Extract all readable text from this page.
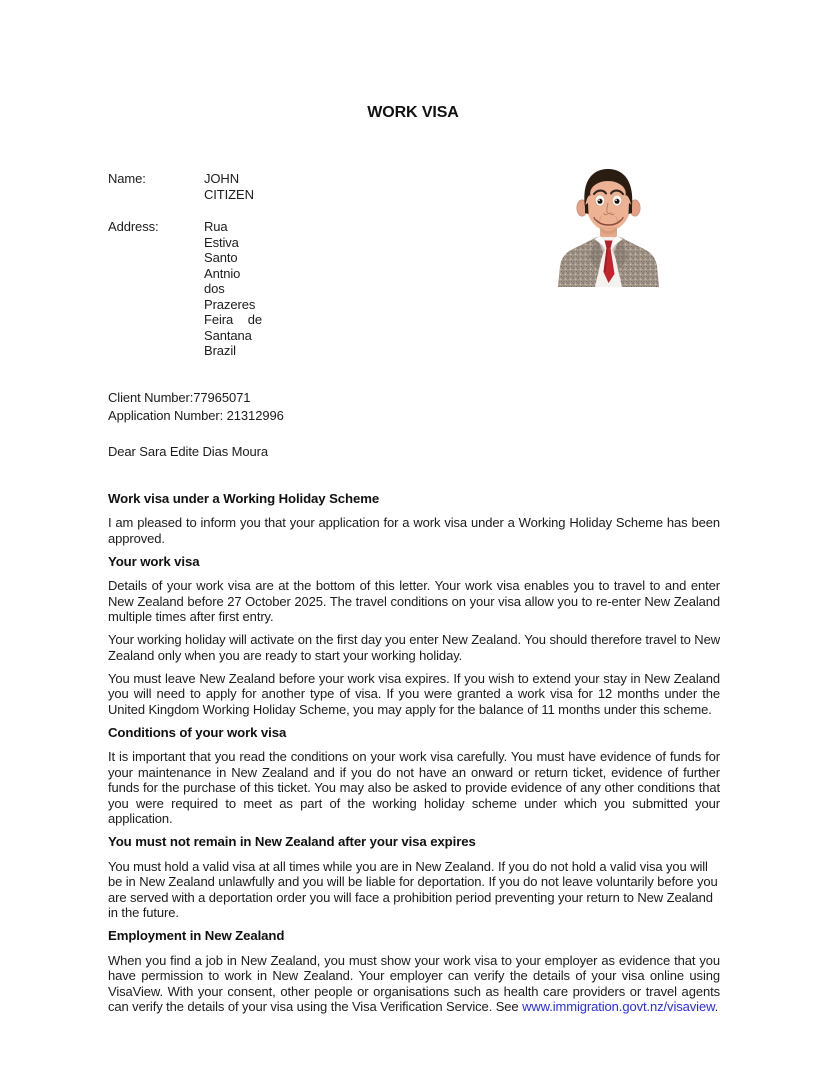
WORK VISA
Name:	JOHN CITIZEN
Address:	Rua Estiva Santo Antnio dos Prazeres Feira de Santana Brazil
Client Number:77965071
Application Number: 21312996
Dear Sara Edite Dias Moura
Work visa under a Working Holiday Scheme

I am pleased to inform you that your application for a work visa under a Working Holiday Scheme has been approved.

Your work visa

Details of your work visa are at the bottom of this letter. Your work visa enables you to travel to and enter New Zealand before 27 October 2025. The travel conditions on your visa allow you to re-enter New Zealand multiple times after first entry.

Your working holiday will activate on the first day you enter New Zealand. You should therefore travel to New Zealand only when you are ready to start your working holiday.

You must leave New Zealand before your work visa expires. If you wish to extend your stay in New Zealand you will need to apply for another type of visa. If you were granted a work visa for 12 months under the United Kingdom Working Holiday Scheme, you may apply for the balance of 11 months under this scheme.

Conditions of your work visa

It is important that you read the conditions on your work visa carefully. You must have evidence of funds for your maintenance in New Zealand and if you do not have an onward or return ticket, evidence of further funds for the purchase of this ticket. You may also be asked to provide evidence of any other conditions that you were required to meet as part of the working holiday scheme under which you submitted your application.

You must not remain in New Zealand after your visa expires

You must hold a valid visa at all times while you are in New Zealand. If you do not hold a valid visa you will be in New Zealand unlawfully and you will be liable for deportation. If you do not leave voluntarily before you are served with a deportation order you will face a prohibition period preventing your return to New Zealand in the future.

Employment in New Zealand

When you find a job in New Zealand, you must show your work visa to your employer as evidence that you have permission to work in New Zealand. Your employer can verify the details of your visa online using VisaView. With your consent, other people or organisations such as health care providers or travel agents can verify the details of your visa using the Visa Verification Service. See www.immigration.govt.nz/visaview.
